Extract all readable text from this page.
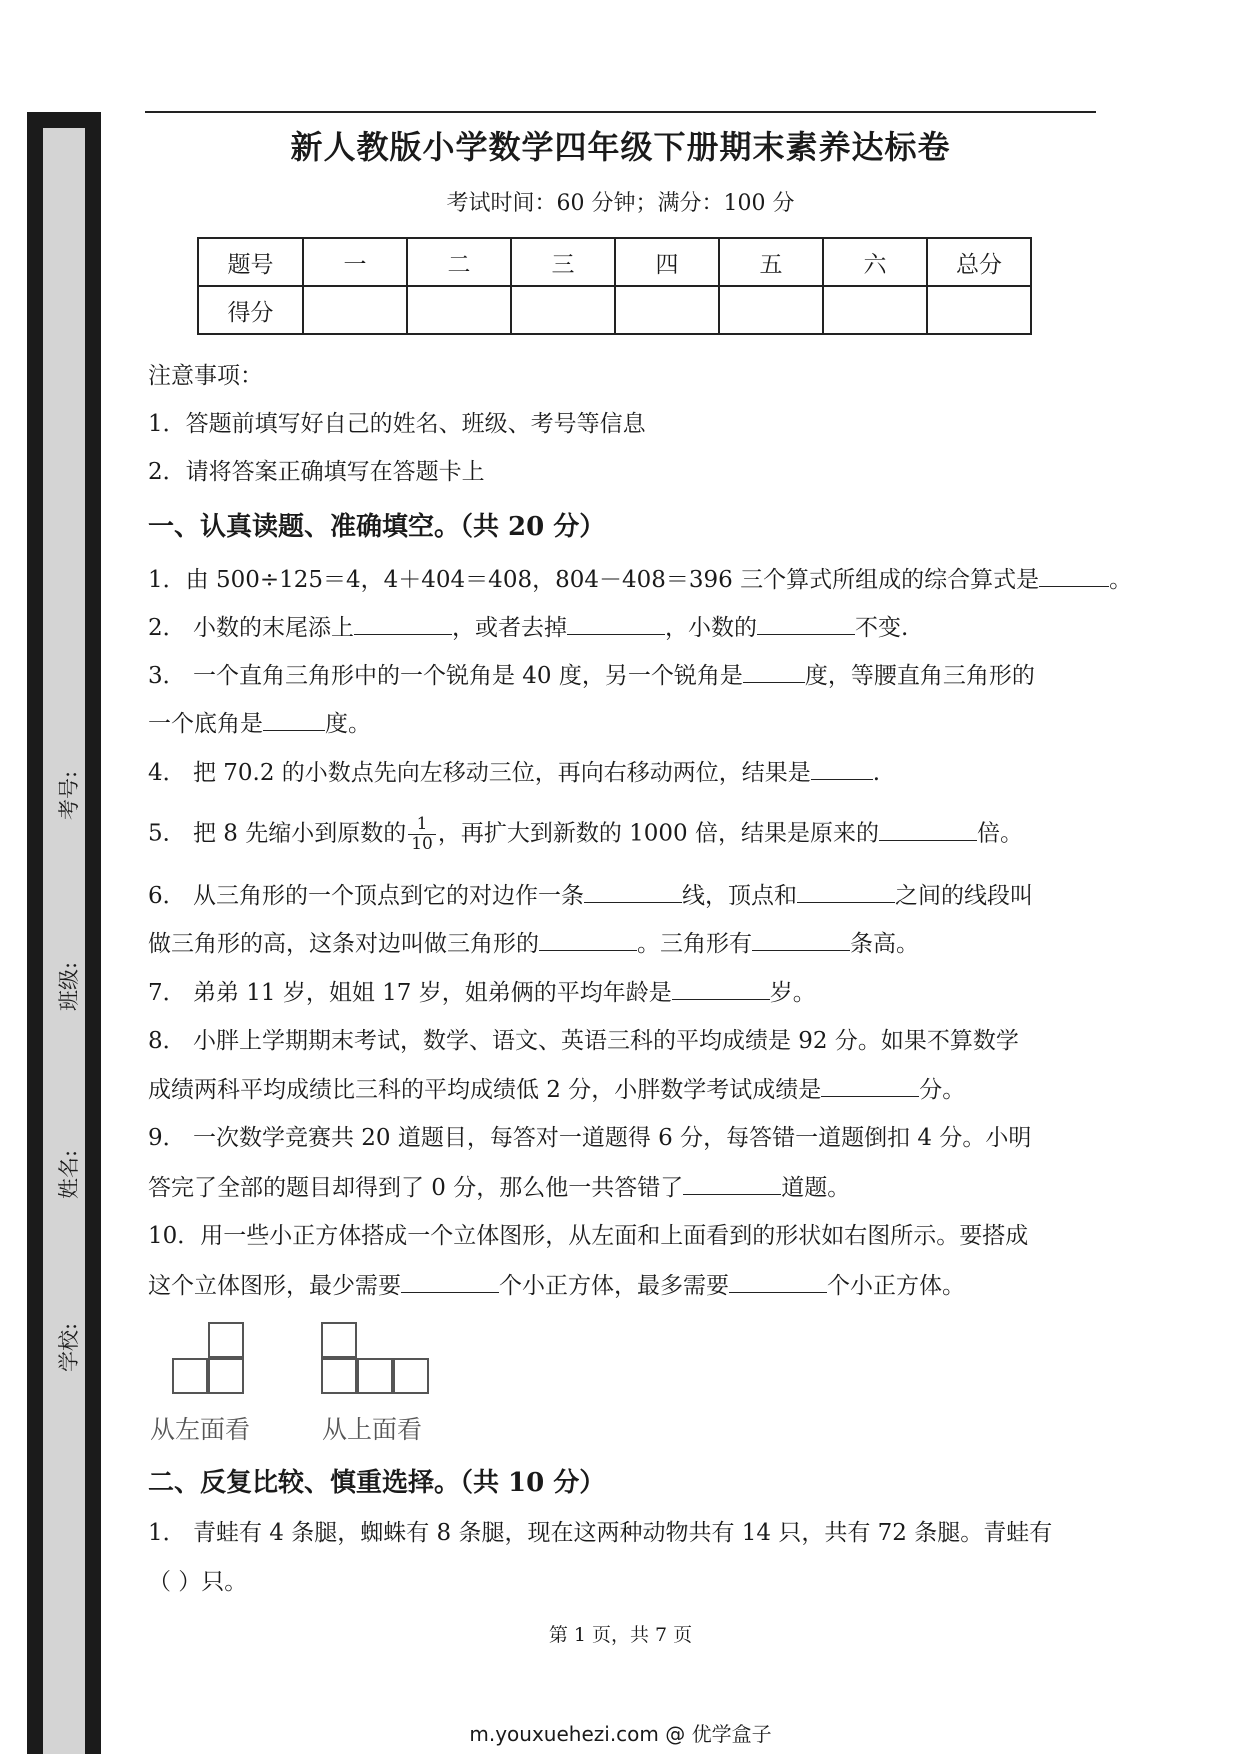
考号:
班级:
姓名:
学校:
新人教版小学数学四年级下册期末素养达标卷
考试时间：60 分钟；满分：100 分
题号	一	二	三	四	五	六	总分
得分							
注意事项：
1．答题前填写好自己的姓名、班级、考号等信息
2．请将答案正确填写在答题卡上
一、认真读题、准确填空。（共 20 分）
1．由 500÷125＝4，4＋404＝408，804－408＝396 三个算式所组成的综合算式是	。
2． 小数的末尾添上	，或者去掉	，小数的	不变.
3． 一个直角三角形中的一个锐角是 40 度，另一个锐角是	度，等腰直角三角形的
一个底角是	度。
4． 把 70.2 的小数点先向左移动三位，再向右移动两位，结果是	.
5． 把 8 先缩小到原数的 $\frac{1}{10}$ ，再扩大到新数的 1000 倍，结果是原来的	倍。
6． 从三角形的一个顶点到它的对边作一条	线，顶点和	之间的线段叫
做三角形的高，这条对边叫做三角形的	。三角形有	条高。
7． 弟弟 11 岁，姐姐 17 岁，姐弟俩的平均年龄是	岁。
8． 小胖上学期期末考试，数学、语文、英语三科的平均成绩是 92 分。如果不算数学
成绩两科平均成绩比三科的平均成绩低 2 分，小胖数学考试成绩是	分。
9． 一次数学竞赛共 20 道题目，每答对一道题得 6 分，每答错一道题倒扣 4 分。小明
答完了全部的题目却得到了 0 分，那么他一共答错了	道题。
10．用一些小正方体搭成一个立体图形，从左面和上面看到的形状如右图所示。要搭成
这个立体图形，最少需要	个小正方体，最多需要	个小正方体。
从左面看	从上面看
二、反复比较、慎重选择。（共 10 分）
1． 青蛙有 4 条腿，蜘蛛有 8 条腿，现在这两种动物共有 14 只，共有 72 条腿。青蛙有
（ ）只。
第 1 页，共 7 页
m.youxuehezi.com @ 优学盒子
